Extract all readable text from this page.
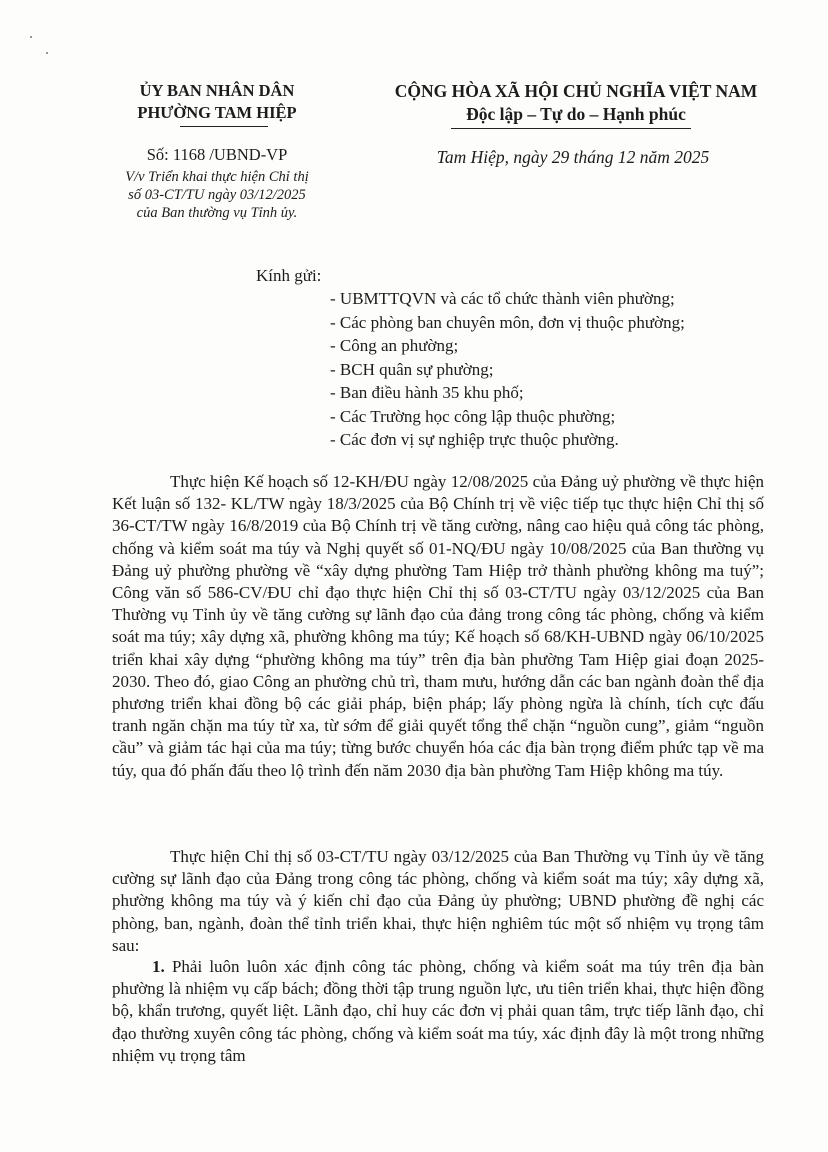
ỦY BAN NHÂN DÂN
PHƯỜNG TAM HIỆP
CỘNG HÒA XÃ HỘI CHỦ NGHĨA VIỆT NAM
Độc lập – Tự do – Hạnh phúc
Số: 1168 /UBND-VP	Tam Hiệp, ngày 29 tháng 12 năm 2025
V/v Triển khai thực hiện Chỉ thị
số 03-CT/TU ngày 03/12/2025
của Ban thường vụ Tỉnh ủy.
Kính gửi:
- UBMTTQVN và các tổ chức thành viên phường;
- Các phòng ban chuyên môn, đơn vị thuộc phường;
- Công an phường;
- BCH quân sự phường;
- Ban điều hành 35 khu phố;
- Các Trường học công lập thuộc phường;
- Các đơn vị sự nghiệp trực thuộc phường.

Thực hiện Kế hoạch số 12-KH/ĐU ngày 12/08/2025 của Đảng uỷ phường về thực hiện Kết luận số 132- KL/TW ngày 18/3/2025 của Bộ Chính trị về việc tiếp tục thực hiện Chỉ thị số 36-CT/TW ngày 16/8/2019 của Bộ Chính trị về tăng cường, nâng cao hiệu quả công tác phòng, chống và kiểm soát ma túy và Nghị quyết số 01-NQ/ĐU ngày 10/08/2025 của Ban thường vụ Đảng uỷ phường phường về “xây dựng phường Tam Hiệp trở thành phường không ma tuý”; Công văn số 586-CV/ĐU chỉ đạo thực hiện Chỉ thị số 03-CT/TU ngày 03/12/2025 của Ban Thường vụ Tỉnh ủy về tăng cường sự lãnh đạo của đảng trong công tác phòng, chống và kiểm soát ma túy; xây dựng xã, phường không ma túy; Kế hoạch số 68/KH-UBND ngày 06/10/2025 triển khai xây dựng “phường không ma túy” trên địa bàn phường Tam Hiệp giai đoạn 2025-2030. Theo đó, giao Công an phường chủ trì, tham mưu, hướng dẫn các ban ngành đoàn thể địa phương triển khai đồng bộ các giải pháp, biện pháp; lấy phòng ngừa là chính, tích cực đấu tranh ngăn chặn ma túy từ xa, từ sớm để giải quyết tổng thể chặn “nguồn cung”, giảm “nguồn cầu” và giảm tác hại của ma túy; từng bước chuyển hóa các địa bàn trọng điểm phức tạp về ma túy, qua đó phấn đấu theo lộ trình đến năm 2030 địa bàn phường Tam Hiệp không ma túy.

Thực hiện Chỉ thị số 03-CT/TU ngày 03/12/2025 của Ban Thường vụ Tỉnh ủy về tăng cường sự lãnh đạo của Đảng trong công tác phòng, chống và kiểm soát ma túy; xây dựng xã, phường không ma túy và ý kiến chỉ đạo của Đảng ủy phường; UBND phường đề nghị các phòng, ban, ngành, đoàn thể tỉnh triển khai, thực hiện nghiêm túc một số nhiệm vụ trọng tâm sau:

1. Phải luôn luôn xác định công tác phòng, chống và kiểm soát ma túy trên địa bàn phường là nhiệm vụ cấp bách; đồng thời tập trung nguồn lực, ưu tiên triển khai, thực hiện đồng bộ, khẩn trương, quyết liệt. Lãnh đạo, chỉ huy các đơn vị phải quan tâm, trực tiếp lãnh đạo, chỉ đạo thường xuyên công tác phòng, chống và kiểm soát ma túy, xác định đây là một trong những nhiệm vụ trọng tâm
